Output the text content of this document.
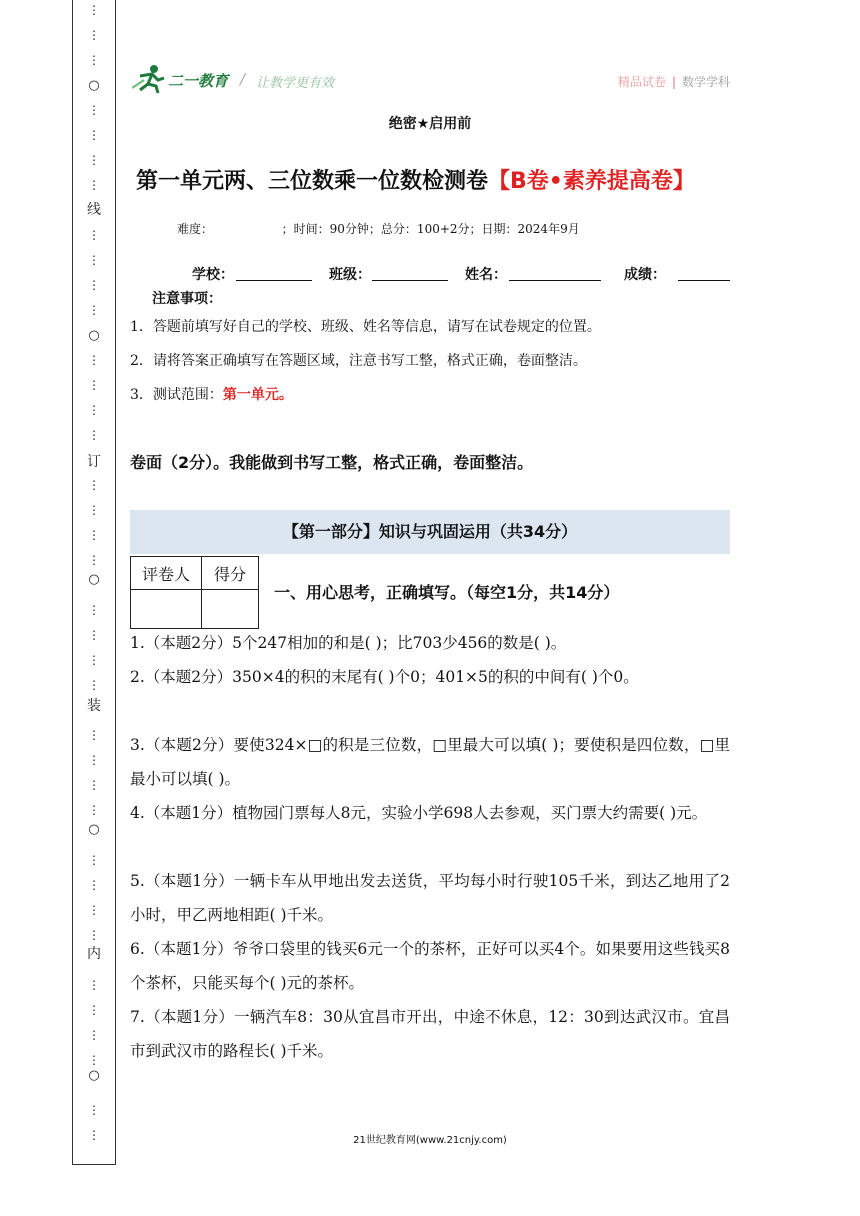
⋮
⋮
⋮
⋮
⋮
⋮
⋮
⋮
⋮
⋮
⋮
⋮
⋮
⋮
⋮
⋮
⋮
⋮
⋮
⋮
⋮
⋮
⋮
⋮
⋮
⋮
⋮
⋮
⋮
⋮
⋮
⋮
⋮
⋮
⋮
⋮
⋮
○
○
○
○
○
线
订
装
内
二一教育 / 让教学更有效	精品试卷 | 数学学科
绝密★启用前
第一单元两、三位数乘一位数检测卷【B卷•素养提高卷】
难度：                  ；时间：90分钟；总分：100+2分；日期：2024年9月
学校：	班级：	姓名：	成绩：
注意事项：
1．答题前填写好自己的学校、班级、姓名等信息，请写在试卷规定的位置。
2．请将答案正确填写在答题区域，注意书写工整，格式正确，卷面整洁。
3．测试范围：第一单元。
卷面（2分）。我能做到书写工整，格式正确，卷面整洁。
【第一部分】知识与巩固运用（共34分）
评卷人	得分

一、用心思考，正确填写。（每空1分，共14分）
1.（本题2分）5个247相加的和是( )；比703少456的数是( )。
2.（本题2分）350×4的积的末尾有( )个0；401×5的积的中间有( )个0。
3.（本题2分）要使324×□的积是三位数，□里最大可以填( )；要使积是四位数，□里最小可以填( )。
4.（本题1分）植物园门票每人8元，实验小学698人去参观，买门票大约需要( )元。
5.（本题1分）一辆卡车从甲地出发去送货，平均每小时行驶105千米，到达乙地用了2小时，甲乙两地相距( )千米。
6.（本题1分）爷爷口袋里的钱买6元一个的茶杯，正好可以买4个。如果要用这些钱买8个茶杯，只能买每个( )元的茶杯。
7.（本题1分）一辆汽车8：30从宜昌市开出，中途不休息，12：30到达武汉市。宜昌市到武汉市的路程长( )千米。
21世纪教育网(www.21cnjy.com)
